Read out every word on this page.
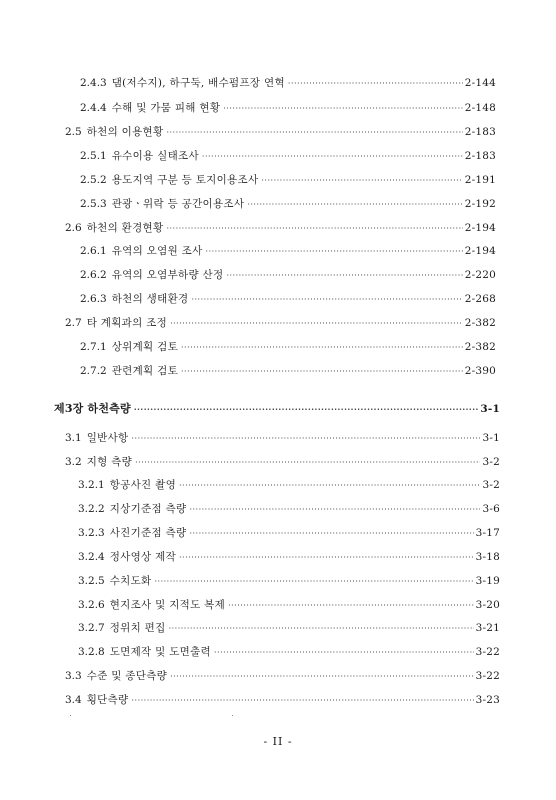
2.4.3 댐(저수지), 하구둑, 배수펌프장 연혁 ·····	2-144
2.4.4 수해 및 가뭄 피해 현황 ·····	2-148
2.5 하천의 이용현황 ·····	2-183
2.5.1 유수이용 실태조사 ·····	2-183
2.5.2 용도지역 구분 등 토지이용조사 ·····	2-191
2.5.3 관광ㆍ위락 등 공간이용조사 ·····	2-192
2.6 하천의 환경현황 ·····	2-194
2.6.1 유역의 오염원 조사 ·····	2-194
2.6.2 유역의 오염부하량 산정 ·····	2-220
2.6.3 하천의 생태환경 ·····	2-268
2.7 타 계획과의 조정 ·····	2-382
2.7.1 상위계획 검토 ·····	2-382
2.7.2 관련계획 검토 ·····	2-390
제3장 하천측량 ·····	3-1
3.1 일반사항 ·····	3-1
3.2 지형 측량 ·····	3-2
3.2.1 항공사진 촬영 ·····	3-2
3.2.2 지상기준점 측량 ·····	3-6
3.2.3 사진기준점 측량 ·····	3-17
3.2.4 정사영상 제작 ·····	3-18
3.2.5 수치도화 ·····	3-19
3.2.6 현지조사 및 지적도 복제 ·····	3-20
3.2.7 정위치 편집 ·····	3-21
3.2.8 도면제작 및 도면출력 ·····	3-22
3.3 수준 및 종단측량 ·····	3-22
3.4 횡단측량 ·····	3-23
- II -
